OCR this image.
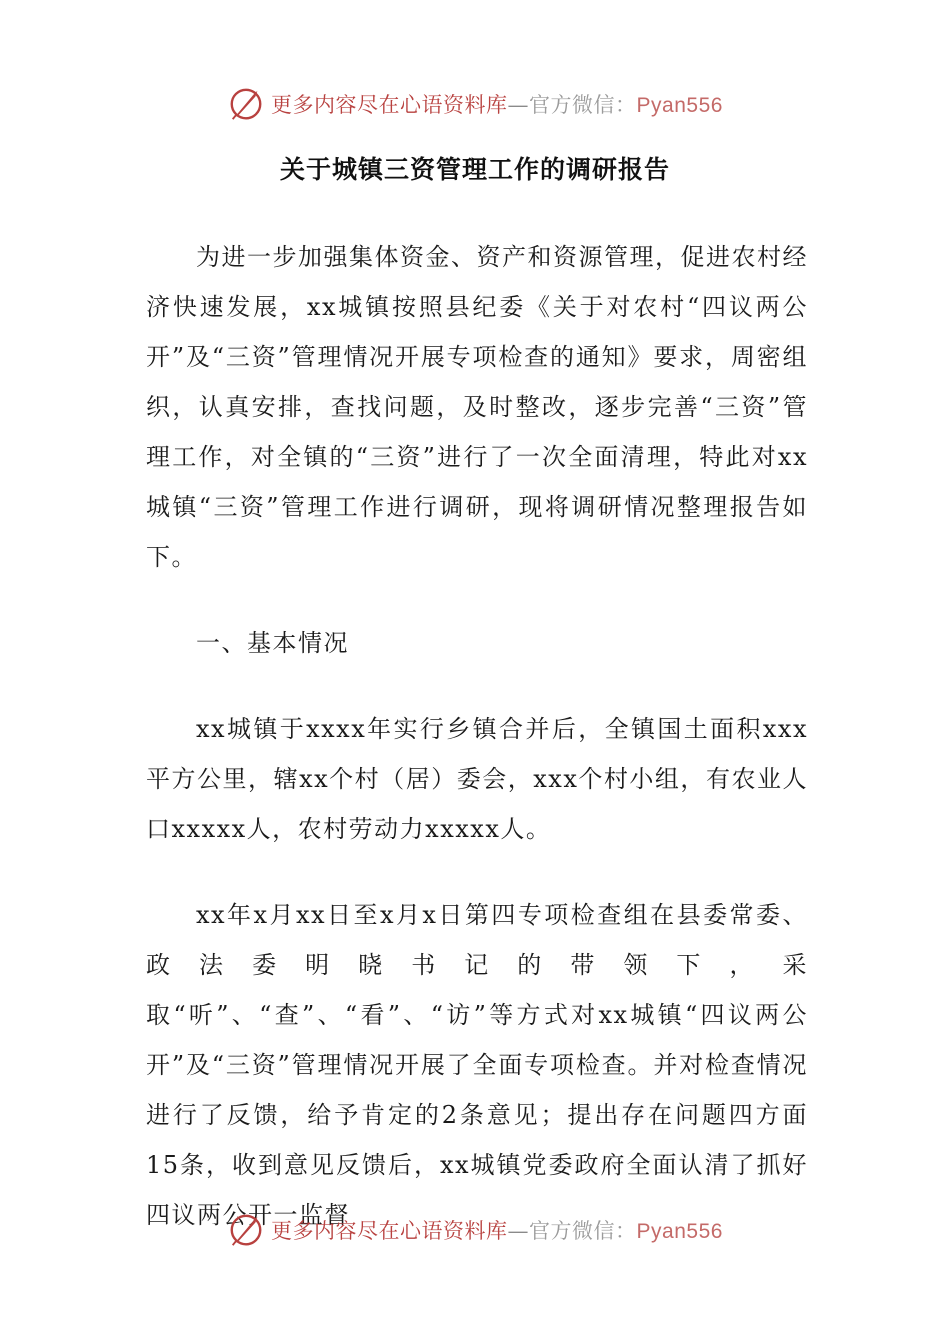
更多内容尽在心语资料库—官方微信：Pyan556
关于城镇三资管理工作的调研报告

为进一步加强集体资金、资产和资源管理，促进农村经济快速发展，xx城镇按照县纪委《关于对农村“四议两公开”及“三资”管理情况开展专项检查的通知》要求，周密组织，认真安排，查找问题，及时整改，逐步完善“三资”管理工作，对全镇的“三资”进行了一次全面清理，特此对xx城镇“三资”管理工作进行调研，现将调研情况整理报告如下。

一、基本情况

xx城镇于xxxx年实行乡镇合并后，全镇国土面积xxx平方公里，辖xx个村（居）委会，xxx个村小组，有农业人口xxxxx人，农村劳动力xxxxx人。

xx年x月xx日至x月x日第四专项检查组在县委常委、政法委明晓书记的带领下，采取“听”、“查”、“看”、“访”等方式对xx城镇“四议两公开”及“三资”管理情况开展了全面专项检查。并对检查情况进行了反馈，给予肯定的2条意见；提出存在问题四方面15条，收到意见反馈后，xx城镇党委政府全面认清了抓好四议两公开一监督

更多内容尽在心语资料库—官方微信：Pyan556
